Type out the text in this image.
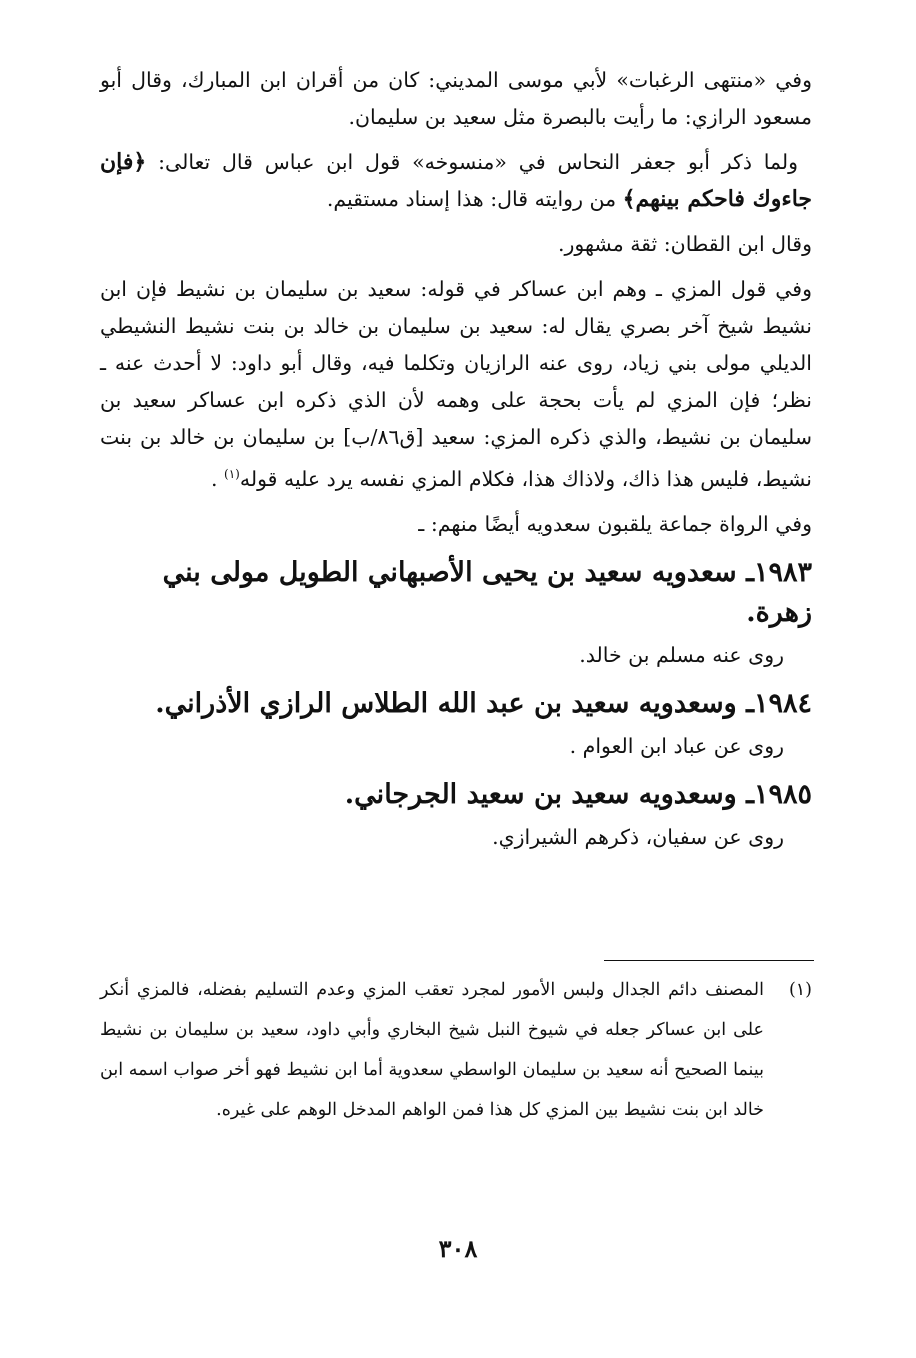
وفي «منتهى الرغبات» لأبي موسى المديني: كان من أقران ابن المبارك، وقال أبو مسعود الرازي: ما رأيت بالبصرة مثل سعيد بن سليمان.

ولما ذكر أبو جعفر النحاس في «منسوخه» قول ابن عباس قال تعالى: ﴿فإن جاءوك فاحكم بينهم﴾ من روايته قال: هذا إسناد مستقيم.

وقال ابن القطان: ثقة مشهور.

وفي قول المزي ـ وهم ابن عساكر في قوله: سعيد بن سليمان بن نشيط فإن ابن نشيط شيخ آخر بصري يقال له: سعيد بن سليمان بن خالد بن بنت نشيط النشيطي الديلي مولى بني زياد، روى عنه الرازيان وتكلما فيه، وقال أبو داود: لا أحدث عنه ـ نظر؛ فإن المزي لم يأت بحجة على وهمه لأن الذي ذكره ابن عساكر سعيد بن سليمان بن نشيط، والذي ذكره المزي: سعيد [ق٨٦/ب] بن سليمان بن خالد بن بنت نشيط، فليس هذا ذاك، ولاذاك هذا، فكلام المزي نفسه يرد عليه قوله$^{(١)}$ .

وفي الرواة جماعة يلقبون سعدويه أيضًا منهم: ـ

١٩٨٣ـ سعدويه سعيد بن يحيى الأصبهاني الطويل مولى بني زهرة.
روى عنه مسلم بن خالد.
١٩٨٤ـ وسعدويه سعيد بن عبد الله الطلاس الرازي الأذراني.
روى عن عباد ابن العوام .
١٩٨٥ـ وسعدويه سعيد بن سعيد الجرجاني.
روى عن سفيان، ذكرهم الشيرازي.
(١)
المصنف دائم الجدال ولبس الأمور لمجرد تعقب المزي وعدم التسليم بفضله، فالمزي أنكر على ابن عساكر جعله في شيوخ النبل شيخ البخاري وأبي داود، سعيد بن سليمان بن نشيط بينما الصحيح أنه سعيد بن سليمان الواسطي سعدوية أما ابن نشيط فهو أخر صواب اسمه ابن خالد ابن بنت نشيط بين المزي كل هذا فمن الواهم المدخل الوهم على غيره.
٣٠٨
